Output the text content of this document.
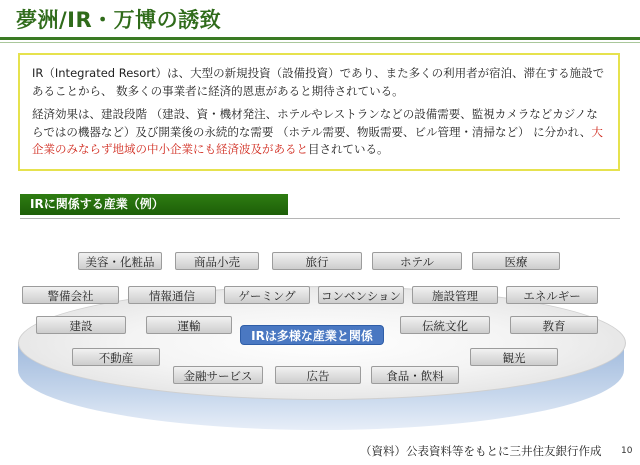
夢洲/IR・万博の誘致

IR（Integrated Resort）は、大型の新規投資（設備投資）であり、また多くの利用者が宿泊、滞在する施設であることから、 数多くの事業者に経済的恩恵があると期待されている。

経済効果は、建設段階 （建設、資・機材発注、ホテルやレストランなどの設備需要、監視カメラなどカジノならではの機器など）及び開業後の永続的な需要 （ホテル需要、物販需要、ビル管理・清掃など） に分かれ、大企業のみならず地域の中小企業にも経済波及があると目されている。

IRに関係する産業（例）
美容・化粧品	商品小売	旅行	ホテル	医療
警備会社	情報通信	ゲーミング	コンベンション	施設管理	エネルギー
建設	運輸	伝統文化	教育
IRは多様な産業と関係
不動産	観光
金融サービス	広告	食品・飲料
（資料）公表資料等をもとに三井住友銀行作成 10
